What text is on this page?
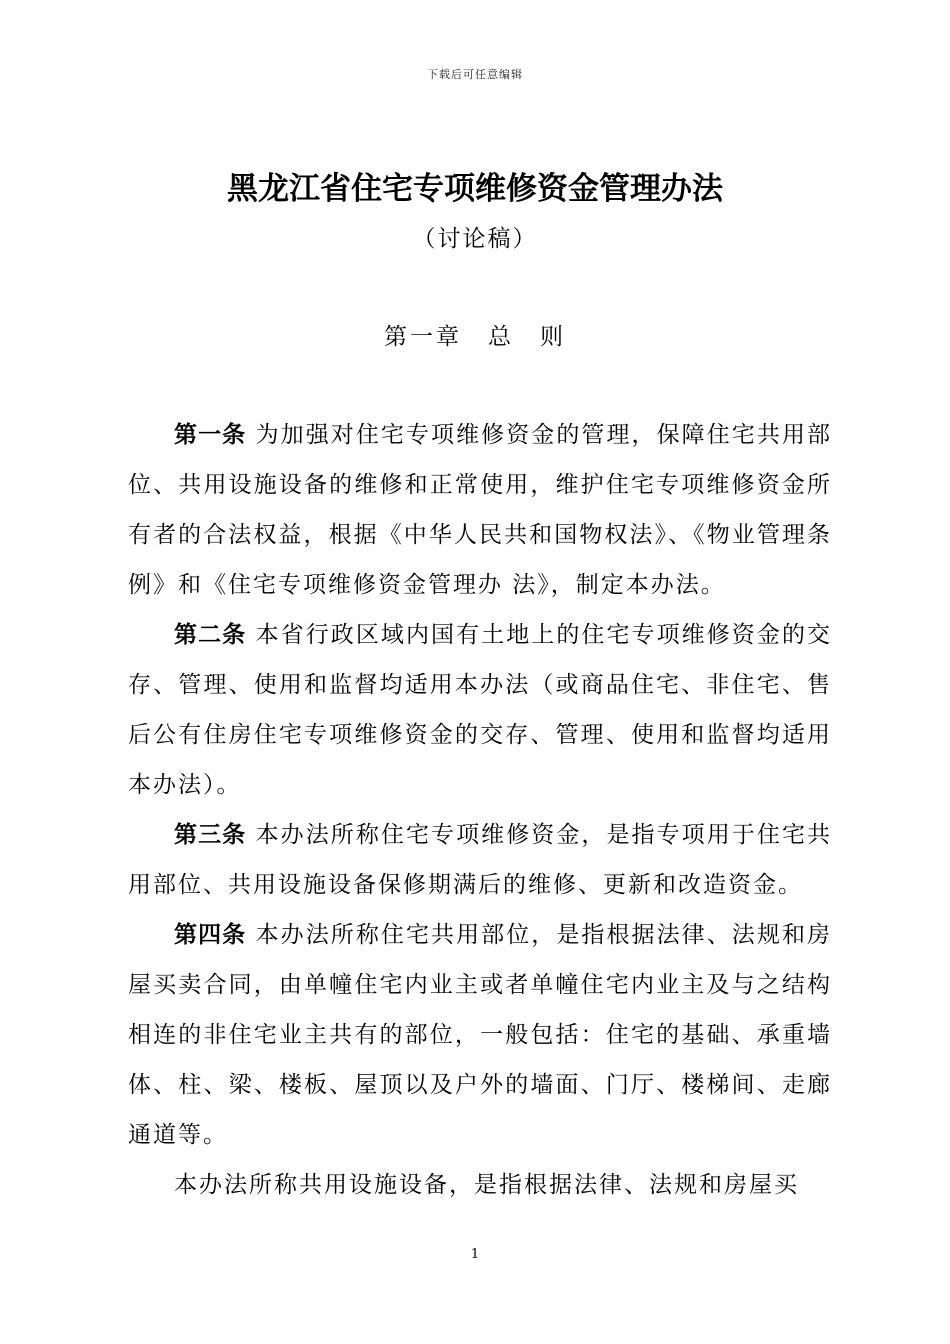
下载后可任意编辑
黑龙江省住宅专项维修资金管理办法
（讨论稿）
第一章　总　则

第一条 为加强对住宅专项维修资金的管理，保障住宅共用部位、共用设施设备的维修和正常使用，维护住宅专项维修资金所有者的合法权益，根据《中华人民共和国物权法》、《物业管理条例》和《住宅专项维修资金管理办 法》，制定本办法。

第二条 本省行政区域内国有土地上的住宅专项维修资金的交存、管理、使用和监督均适用本办法（或商品住宅、非住宅、售后公有住房住宅专项维修资金的交存、管理、使用和监督均适用本办法）。

第三条 本办法所称住宅专项维修资金，是指专项用于住宅共用部位、共用设施设备保修期满后的维修、更新和改造资金。

第四条 本办法所称住宅共用部位，是指根据法律、法规和房屋买卖合同，由单幢住宅内业主或者单幢住宅内业主及与之结构相连的非住宅业主共有的部位，一般包括：住宅的基础、承重墙体、柱、梁、楼板、屋顶以及户外的墙面、门厅、楼梯间、走廊通道等。

本办法所称共用设施设备，是指根据法律、法规和房屋买

1
